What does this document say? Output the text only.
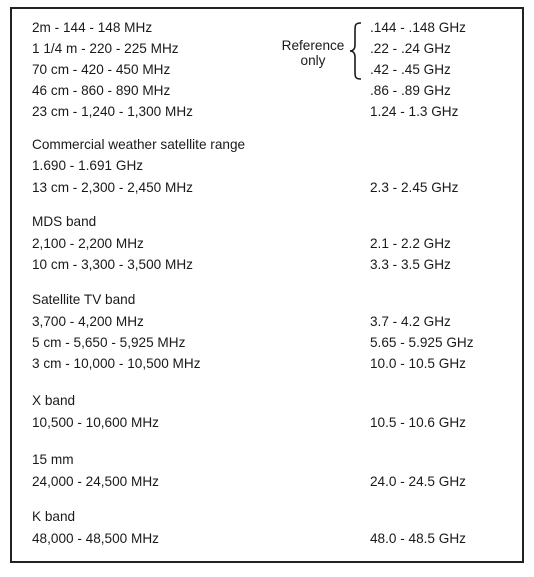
2m - 144 - 148 MHz	.144 - .148 GHz
1 1/4 m - 220 - 225 MHz	.22 - .24 GHz
70 cm - 420 - 450 MHz	.42 - .45 GHz
46 cm - 860 - 890 MHz	.86 - .89 GHz
23 cm - 1,240 - 1,300 MHz	1.24 - 1.3 GHz
Reference
only
Commercial weather satellite range
1.690 - 1.691 GHz
13 cm - 2,300 - 2,450 MHz	2.3 - 2.45 GHz
MDS band
2,100 - 2,200 MHz	2.1 - 2.2 GHz
10 cm - 3,300 - 3,500 MHz	3.3 - 3.5 GHz
Satellite TV band
3,700 - 4,200 MHz	3.7 - 4.2 GHz
5 cm - 5,650 - 5,925 MHz	5.65 - 5.925 GHz
3 cm - 10,000 - 10,500 MHz	10.0 - 10.5 GHz
X band
10,500 - 10,600 MHz	10.5 - 10.6 GHz
15 mm
24,000 - 24,500 MHz	24.0 - 24.5 GHz
K band
48,000 - 48,500 MHz	48.0 - 48.5 GHz
